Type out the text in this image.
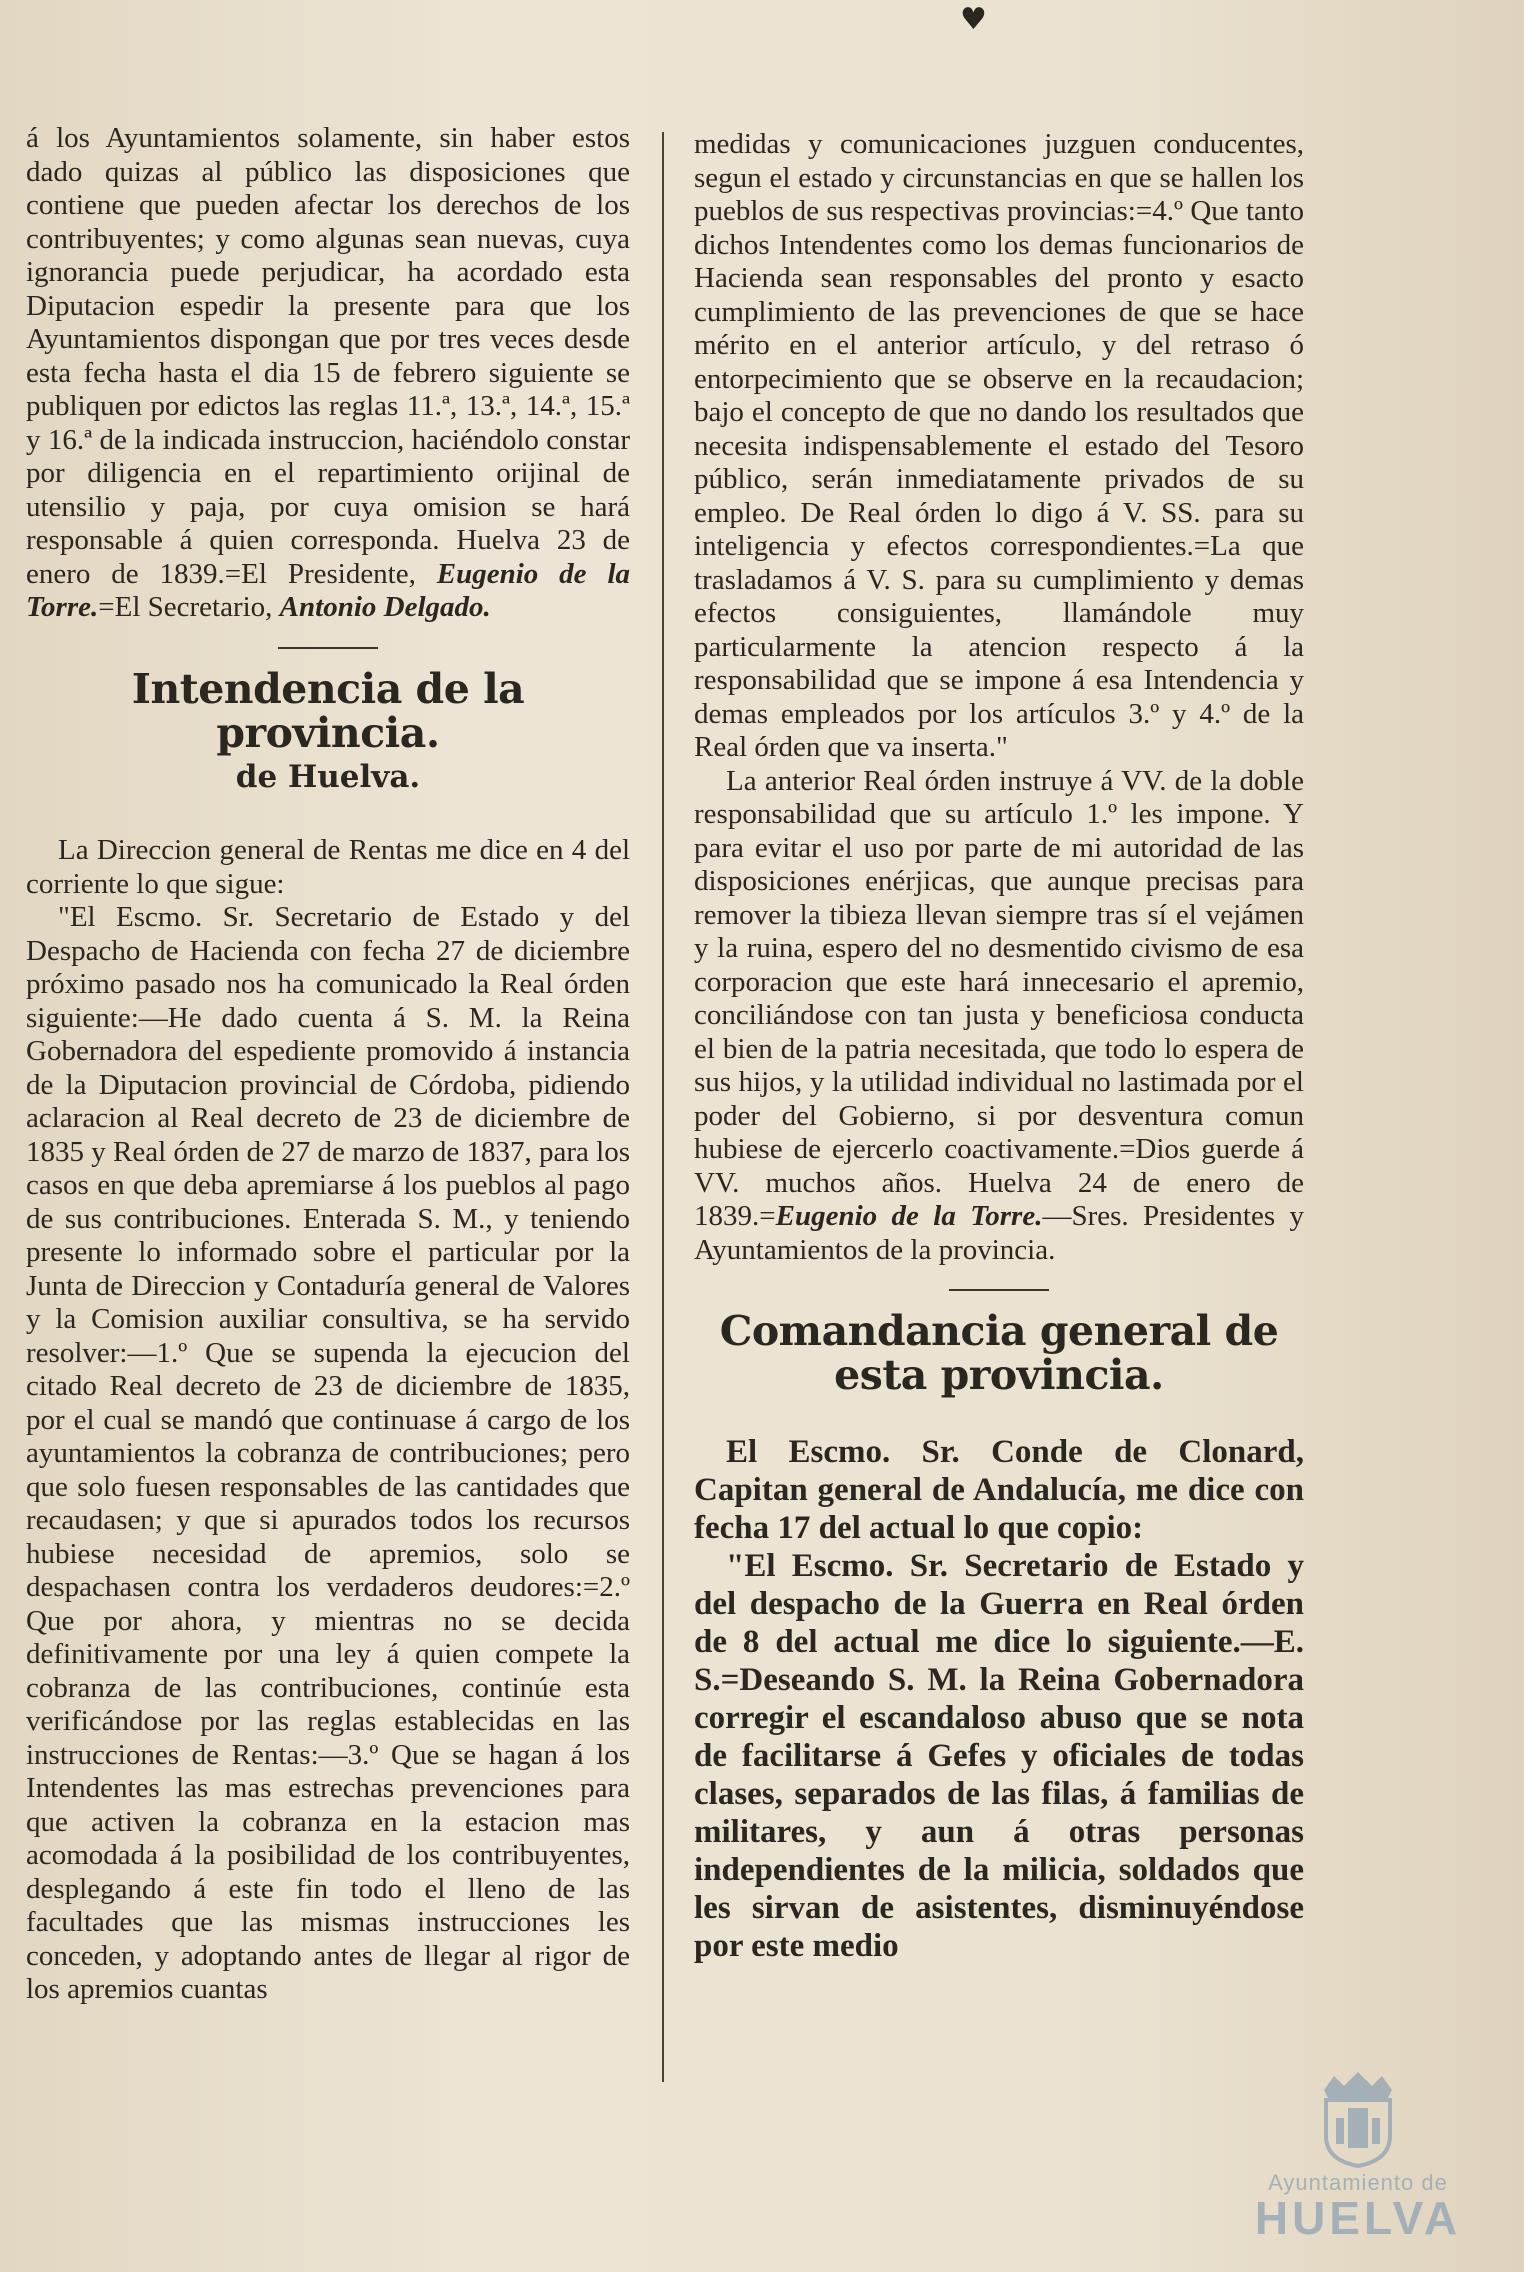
♥

á los Ayuntamientos solamente, sin haber estos dado quizas al público las disposiciones que contiene que pueden afectar los derechos de los contribuyentes; y como algunas sean nuevas, cuya ignorancia puede perjudicar, ha acordado esta Diputacion espedir la presente para que los Ayuntamientos dispongan que por tres veces desde esta fecha hasta el dia 15 de febrero siguiente se publiquen por edictos las reglas 11.ª, 13.ª, 14.ª, 15.ª y 16.ª de la indicada instruccion, haciéndolo constar por diligencia en el repartimiento orijinal de utensilio y paja, por cuya omision se hará responsable á quien corresponda. Huelva 23 de enero de 1839.=El Presidente, Eugenio de la Torre.=El Secretario, Antonio Delgado.

Intendencia de la provincia.
de Huelva.

La Direccion general de Rentas me dice en 4 del corriente lo que sigue:

"El Escmo. Sr. Secretario de Estado y del Despacho de Hacienda con fecha 27 de diciembre próximo pasado nos ha comunicado la Real órden siguiente:—He dado cuenta á S. M. la Reina Gobernadora del espediente promovido á instancia de la Diputacion provincial de Córdoba, pidiendo aclaracion al Real decreto de 23 de diciembre de 1835 y Real órden de 27 de marzo de 1837, para los casos en que deba apremiarse á los pueblos al pago de sus contribuciones. Enterada S. M., y teniendo presente lo informado sobre el particular por la Junta de Direccion y Contaduría general de Valores y la Comision auxiliar consultiva, se ha servido resolver:—1.º Que se supenda la ejecucion del citado Real decreto de 23 de diciembre de 1835, por el cual se mandó que continuase á cargo de los ayuntamientos la cobranza de contribuciones; pero que solo fuesen responsables de las cantidades que recaudasen; y que si apurados todos los recursos hubiese necesidad de apremios, solo se despachasen contra los verdaderos deudores:=2.º Que por ahora, y mientras no se decida definitivamente por una ley á quien compete la cobranza de las contribuciones, continúe esta verificándose por las reglas establecidas en las instrucciones de Rentas:—3.º Que se hagan á los Intendentes las mas estrechas prevenciones para que activen la cobranza en la estacion mas acomodada á la posibilidad de los contribuyentes, desplegando á este fin todo el lleno de las facultades que las mismas instrucciones les conceden, y adoptando antes de llegar al rigor de los apremios cuantas

medidas y comunicaciones juzguen conducentes, segun el estado y circunstancias en que se hallen los pueblos de sus respectivas provincias:=4.º Que tanto dichos Intendentes como los demas funcionarios de Hacienda sean responsables del pronto y esacto cumplimiento de las prevenciones de que se hace mérito en el anterior artículo, y del retraso ó entorpecimiento que se observe en la recaudacion; bajo el concepto de que no dando los resultados que necesita indispensablemente el estado del Tesoro público, serán inmediatamente privados de su empleo. De Real órden lo digo á V. SS. para su inteligencia y efectos correspondientes.=La que trasladamos á V. S. para su cumplimiento y demas efectos consiguientes, llamándole muy particularmente la atencion respecto á la responsabilidad que se impone á esa Intendencia y demas empleados por los artículos 3.º y 4.º de la Real órden que va inserta."

La anterior Real órden instruye á VV. de la doble responsabilidad que su artículo 1.º les impone. Y para evitar el uso por parte de mi autoridad de las disposiciones enérjicas, que aunque precisas para remover la tibieza llevan siempre tras sí el vejámen y la ruina, espero del no desmentido civismo de esa corporacion que este hará innecesario el apremio, conciliándose con tan justa y beneficiosa conducta el bien de la patria necesitada, que todo lo espera de sus hijos, y la utilidad individual no lastimada por el poder del Gobierno, si por desventura comun hubiese de ejercerlo coactivamente.=Dios guerde á VV. muchos años. Huelva 24 de enero de 1839.=Eugenio de la Torre.—Sres. Presidentes y Ayuntamientos de la provincia.

Comandancia general de esta provincia.

El Escmo. Sr. Conde de Clonard, Capitan general de Andalucía, me dice con fecha 17 del actual lo que copio:

"El Escmo. Sr. Secretario de Estado y del despacho de la Guerra en Real órden de 8 del actual me dice lo siguiente.—E. S.=Deseando S. M. la Reina Gobernadora corregir el escandaloso abuso que se nota de facilitarse á Gefes y oficiales de todas clases, separados de las filas, á familias de militares, y aun á otras personas independientes de la milicia, soldados que les sirvan de asistentes, disminuyéndose por este medio

Ayuntamiento de
HUELVA
